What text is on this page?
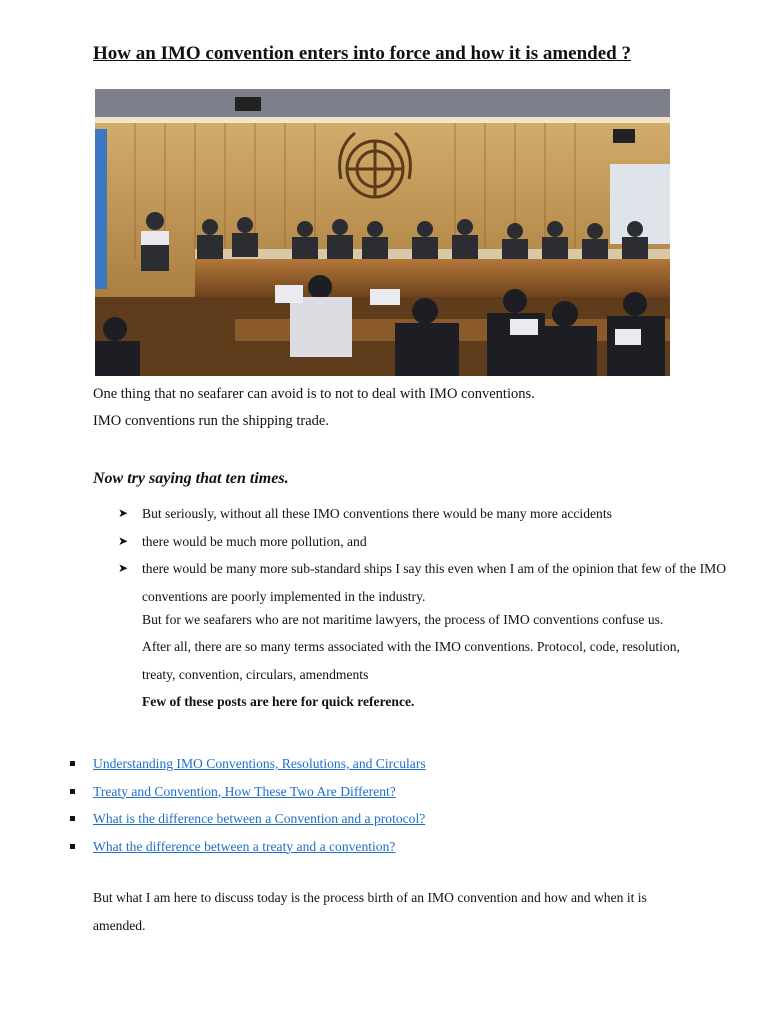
How an IMO convention enters into force and how it is amended ?

One thing that no seafarer can avoid is to not to deal with IMO conventions.

IMO conventions run the shipping trade.

Now try saying that ten times.
➤ But seriously, without all these IMO conventions there would be many more accidents
➤ there would be much more pollution, and
➤ there would be many more sub-standard ships I say this even when I am of the opinion that few of the IMO conventions are poorly implemented in the industry.

But for we seafarers who are not maritime lawyers, the process of IMO conventions confuse us.

After all, there are so many terms associated with the IMO conventions. Protocol, code, resolution,

treaty, convention, circulars, amendments

Few of these posts are here for quick reference.

Understanding IMO Conventions, Resolutions, and Circulars
Treaty and Convention, How These Two Are Different?
What is the difference between a Convention and a protocol?
What the difference between a treaty and a convention?

But what I am here to discuss today is the process birth of an IMO convention and how and when it is

amended.
